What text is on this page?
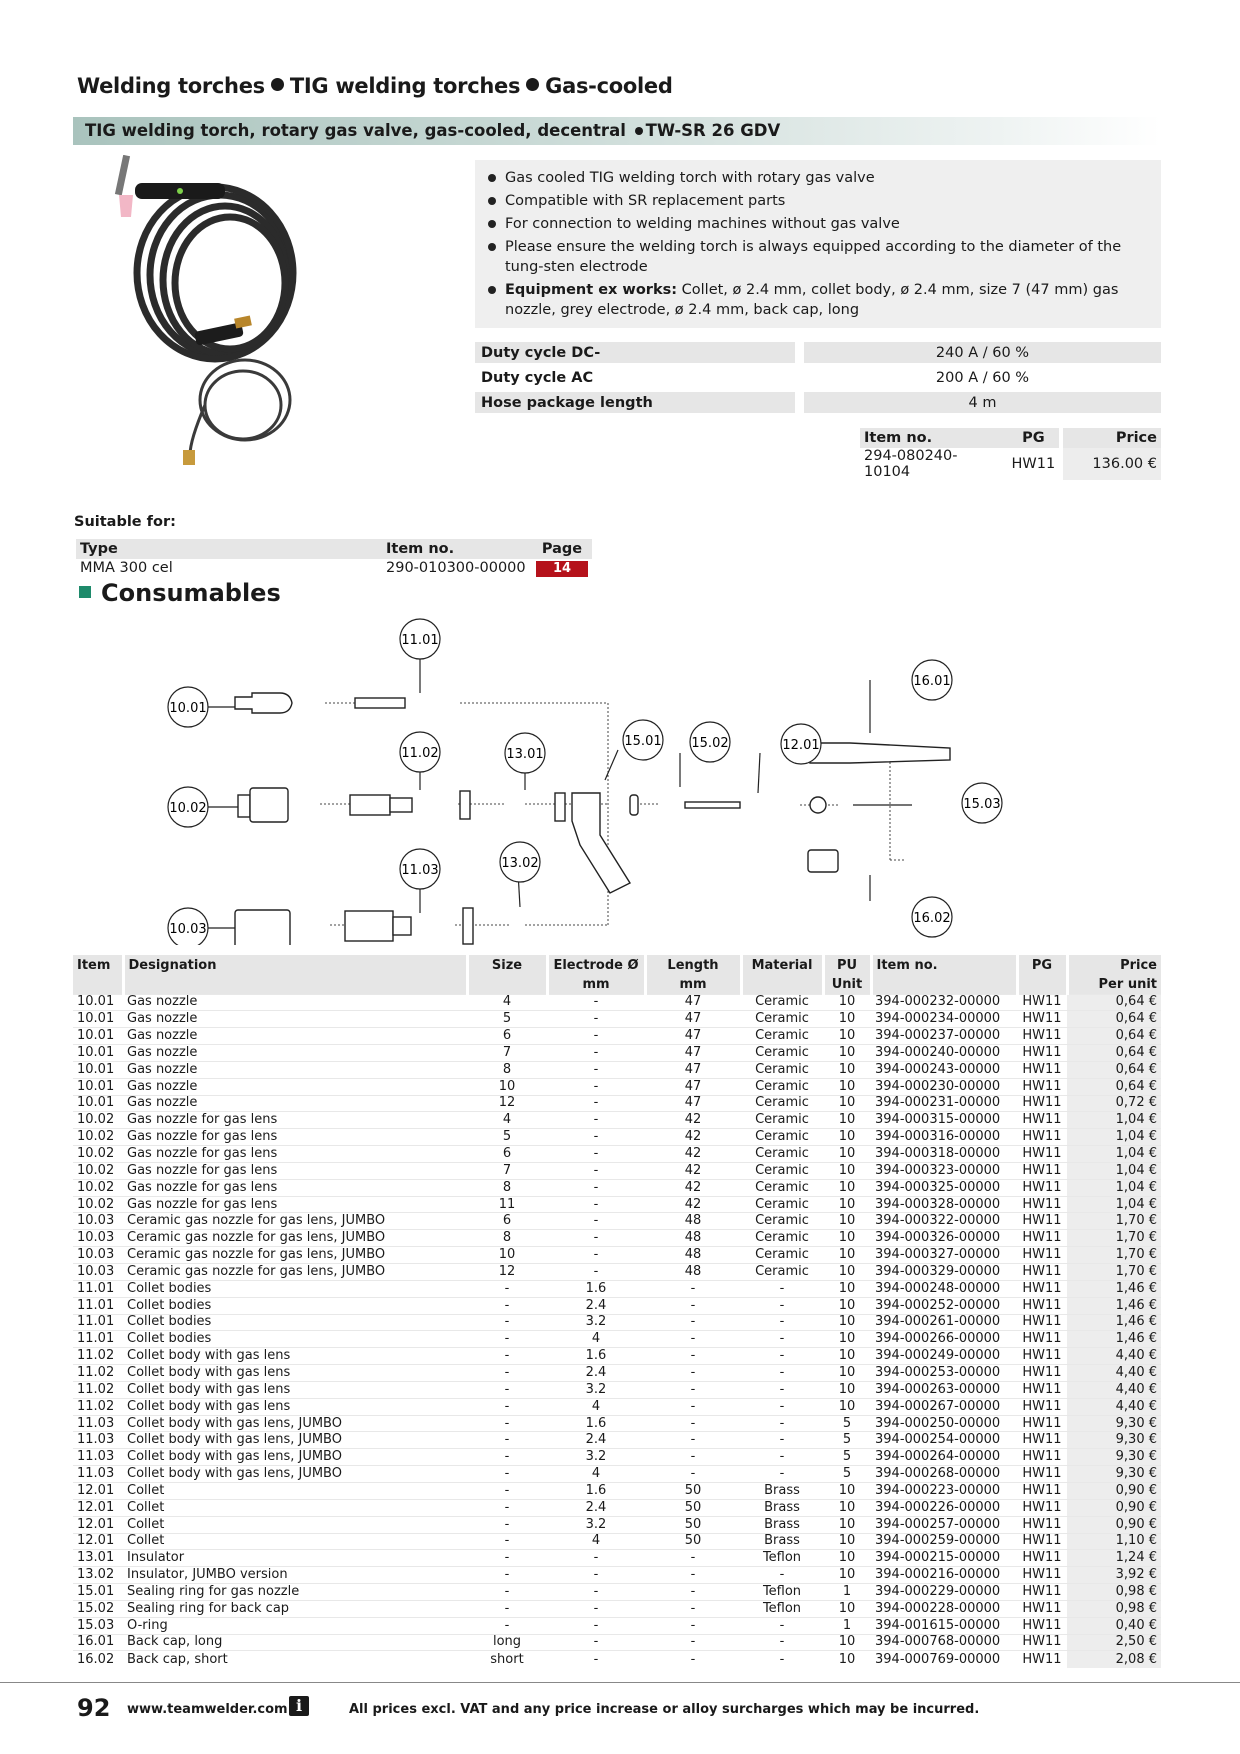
Welding torches TIG welding torches Gas-cooled
TIG welding torch, rotary gas valve, gas-cooled, decentral TW-SR 26 GDV
Gas cooled TIG welding torch with rotary gas valve
Compatible with SR replacement parts
For connection to welding machines without gas valve
Please ensure the welding torch is always equipped according to the diameter of the tung-sten electrode
Equipment ex works: Collet, ø 2.4 mm, collet body, ø 2.4 mm, size 7 (47 mm) gas nozzle, grey electrode, ø 2.4 mm, back cap, long
Duty cycle DC-		240 A / 60 %
Duty cycle AC		200 A / 60 %
Hose package length		4 m
Item no.	PG	Price
294-080240-10104	HW11	136.00 €
Suitable for:
Type	Item no.	Page
MMA 300 cel	290-010300-00000	14
Consumables
11.01
10.01
11.02	13.01
10.02
11.03	13.02
10.03
15.01 15.02	12.01
16.01
15.03
16.02
Item	Designation	Size	Electrode Ø	Length	Material	PU	Item no.	PG	Price
			mm	mm		Unit			Per unit
10.01	Gas nozzle	4	-	47	Ceramic	10	394-000232-00000	HW11	0,64 €
10.01	Gas nozzle	5	-	47	Ceramic	10	394-000234-00000	HW11	0,64 €
10.01	Gas nozzle	6	-	47	Ceramic	10	394-000237-00000	HW11	0,64 €
10.01	Gas nozzle	7	-	47	Ceramic	10	394-000240-00000	HW11	0,64 €
10.01	Gas nozzle	8	-	47	Ceramic	10	394-000243-00000	HW11	0,64 €
10.01	Gas nozzle	10	-	47	Ceramic	10	394-000230-00000	HW11	0,64 €
10.01	Gas nozzle	12	-	47	Ceramic	10	394-000231-00000	HW11	0,72 €
10.02	Gas nozzle for gas lens	4	-	42	Ceramic	10	394-000315-00000	HW11	1,04 €
10.02	Gas nozzle for gas lens	5	-	42	Ceramic	10	394-000316-00000	HW11	1,04 €
10.02	Gas nozzle for gas lens	6	-	42	Ceramic	10	394-000318-00000	HW11	1,04 €
10.02	Gas nozzle for gas lens	7	-	42	Ceramic	10	394-000323-00000	HW11	1,04 €
10.02	Gas nozzle for gas lens	8	-	42	Ceramic	10	394-000325-00000	HW11	1,04 €
10.02	Gas nozzle for gas lens	11	-	42	Ceramic	10	394-000328-00000	HW11	1,04 €
10.03	Ceramic gas nozzle for gas lens, JUMBO	6	-	48	Ceramic	10	394-000322-00000	HW11	1,70 €
10.03	Ceramic gas nozzle for gas lens, JUMBO	8	-	48	Ceramic	10	394-000326-00000	HW11	1,70 €
10.03	Ceramic gas nozzle for gas lens, JUMBO	10	-	48	Ceramic	10	394-000327-00000	HW11	1,70 €
10.03	Ceramic gas nozzle for gas lens, JUMBO	12	-	48	Ceramic	10	394-000329-00000	HW11	1,70 €
11.01	Collet bodies	-	1.6	-	-	10	394-000248-00000	HW11	1,46 €
11.01	Collet bodies	-	2.4	-	-	10	394-000252-00000	HW11	1,46 €
11.01	Collet bodies	-	3.2	-	-	10	394-000261-00000	HW11	1,46 €
11.01	Collet bodies	-	4	-	-	10	394-000266-00000	HW11	1,46 €
11.02	Collet body with gas lens	-	1.6	-	-	10	394-000249-00000	HW11	4,40 €
11.02	Collet body with gas lens	-	2.4	-	-	10	394-000253-00000	HW11	4,40 €
11.02	Collet body with gas lens	-	3.2	-	-	10	394-000263-00000	HW11	4,40 €
11.02	Collet body with gas lens	-	4	-	-	10	394-000267-00000	HW11	4,40 €
11.03	Collet body with gas lens, JUMBO	-	1.6	-	-	5	394-000250-00000	HW11	9,30 €
11.03	Collet body with gas lens, JUMBO	-	2.4	-	-	5	394-000254-00000	HW11	9,30 €
11.03	Collet body with gas lens, JUMBO	-	3.2	-	-	5	394-000264-00000	HW11	9,30 €
11.03	Collet body with gas lens, JUMBO	-	4	-	-	5	394-000268-00000	HW11	9,30 €
12.01	Collet	-	1.6	50	Brass	10	394-000223-00000	HW11	0,90 €
12.01	Collet	-	2.4	50	Brass	10	394-000226-00000	HW11	0,90 €
12.01	Collet	-	3.2	50	Brass	10	394-000257-00000	HW11	0,90 €
12.01	Collet	-	4	50	Brass	10	394-000259-00000	HW11	1,10 €
13.01	Insulator	-	-	-	Teflon	10	394-000215-00000	HW11	1,24 €
13.02	Insulator, JUMBO version	-	-	-	-	10	394-000216-00000	HW11	3,92 €
15.01	Sealing ring for gas nozzle	-	-	-	Teflon	1	394-000229-00000	HW11	0,98 €
15.02	Sealing ring for back cap	-	-	-	Teflon	10	394-000228-00000	HW11	0,98 €
15.03	O-ring	-	-	-	-	1	394-001615-00000	HW11	0,40 €
16.01	Back cap, long	long	-	-	-	10	394-000768-00000	HW11	2,50 €
16.02	Back cap, short	short	-	-	-	10	394-000769-00000	HW11	2,08 €
92 www.teamwelder.com i	All prices excl. VAT and any price increase or alloy surcharges which may be incurred.
